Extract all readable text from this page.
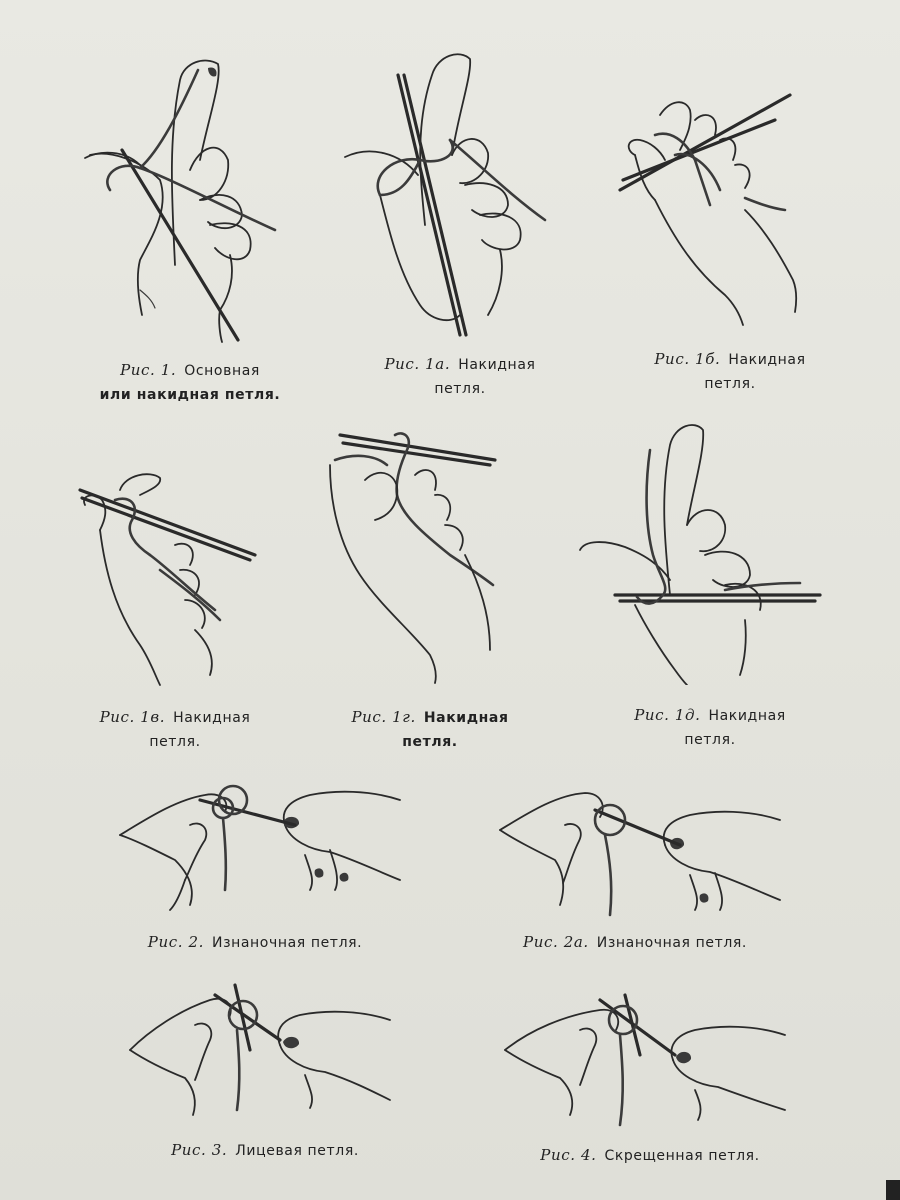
Рис. 1. Основная
или накидная петля.
Рис. 1а. Накидная
петля.
Рис. 1б. Накидная
петля.
Рис. 1в. Накидная
петля.
Рис. 1г. Накидная
петля.
Рис. 1д. Накидная
петля.
Рис. 2. Изнаночная петля.	Рис. 2а. Изнаночная петля.
Рис. 3. Лицевая петля.	Рис. 4. Скрещенная петля.
